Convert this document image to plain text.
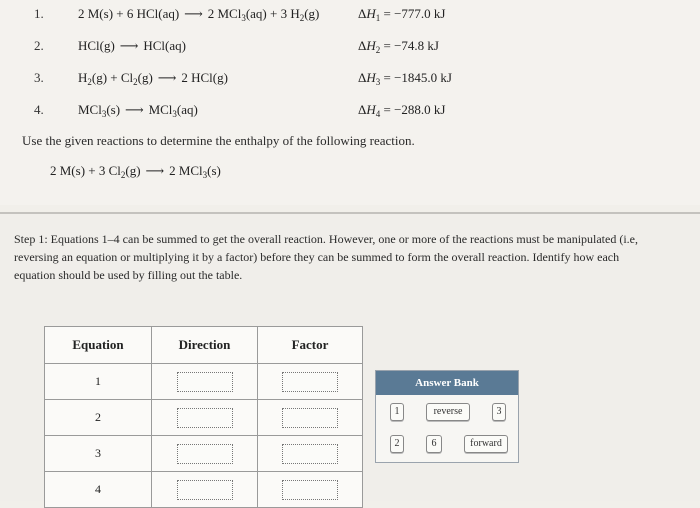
1.	2 M(s) + 6 HCl(aq) ⟶ 2 MCl$_3$(aq) + 3 $H_2(g)$	$\Delta H_1 = -777.0$ kJ
2.	HCl(g) ⟶ HCl(aq)	$\Delta H_2 = -74.8$ kJ
3.	$H_2(g) + Cl_2(g)$ ⟶ 2 HCl(g)	$\Delta H_3 = -1845.0$ kJ
4.	MCl$_3$(s) ⟶ MCl$_3$(aq)	$\Delta H_4 = -288.0$ kJ
Use the given reactions to determine the enthalpy of the following reaction.
2 M(s) + 3 $Cl_2(g)$ ⟶ 2 MCl$_3$(s)
Step 1: Equations 1–4 can be summed to get the overall reaction. However, one or more of the reactions must be manipulated (i.e, reversing an equation or multiplying it by a factor) before they can be summed to form the overall reaction. Identify how each equation should be used by filling out the table.
Equation	Direction	Factor
1		
2		
3		
4		
Answer Bank
1	reverse	3
2	6	forward
